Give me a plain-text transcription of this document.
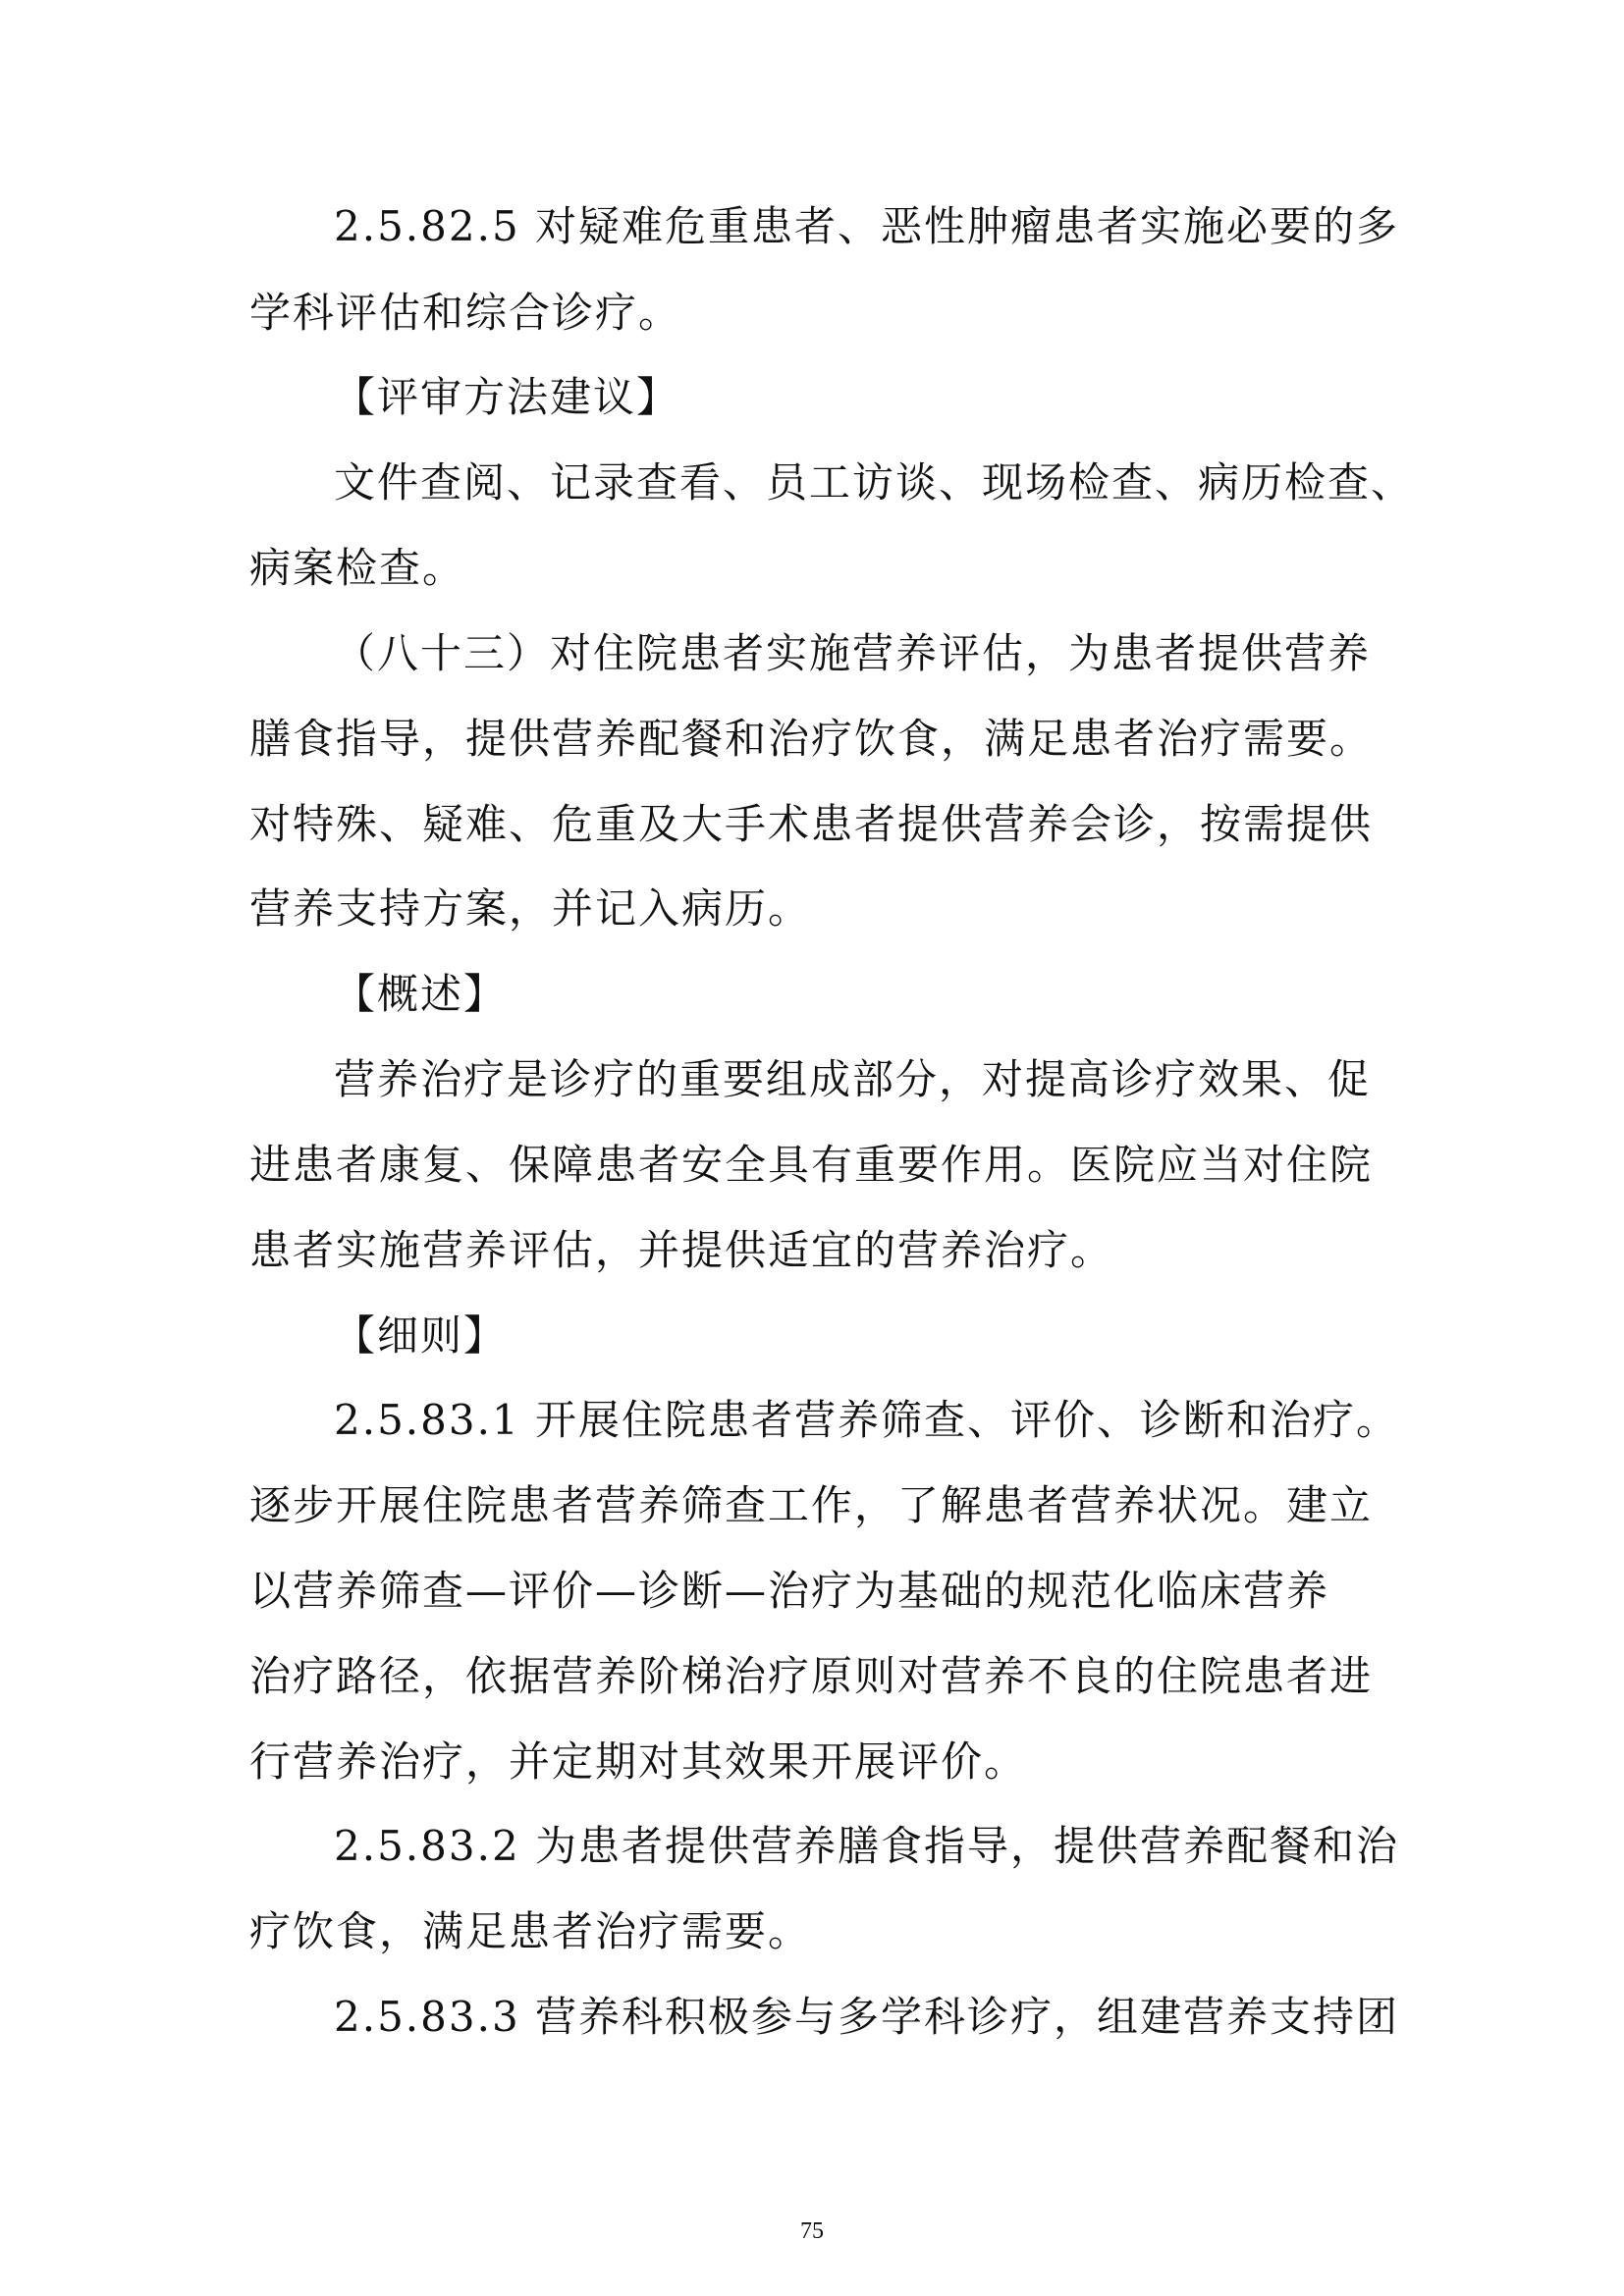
2.5.82.5 对疑难危重患者、恶性肿瘤患者实施必要的多
学科评估和综合诊疗。
【评审方法建议】
文件查阅、记录查看、员工访谈、现场检查、病历检查、
病案检查。
（八十三）对住院患者实施营养评估，为患者提供营养
膳食指导，提供营养配餐和治疗饮食，满足患者治疗需要。
对特殊、疑难、危重及大手术患者提供营养会诊，按需提供
营养支持方案，并记入病历。
【概述】
营养治疗是诊疗的重要组成部分，对提高诊疗效果、促
进患者康复、保障患者安全具有重要作用。医院应当对住院
患者实施营养评估，并提供适宜的营养治疗。
【细则】
2.5.83.1 开展住院患者营养筛查、评价、诊断和治疗。
逐步开展住院患者营养筛查工作，了解患者营养状况。建立
以营养筛查—评价—诊断—治疗为基础的规范化临床营养
治疗路径，依据营养阶梯治疗原则对营养不良的住院患者进
行营养治疗，并定期对其效果开展评价。
2.5.83.2 为患者提供营养膳食指导，提供营养配餐和治
疗饮食，满足患者治疗需要。
2.5.83.3 营养科积极参与多学科诊疗，组建营养支持团
75
